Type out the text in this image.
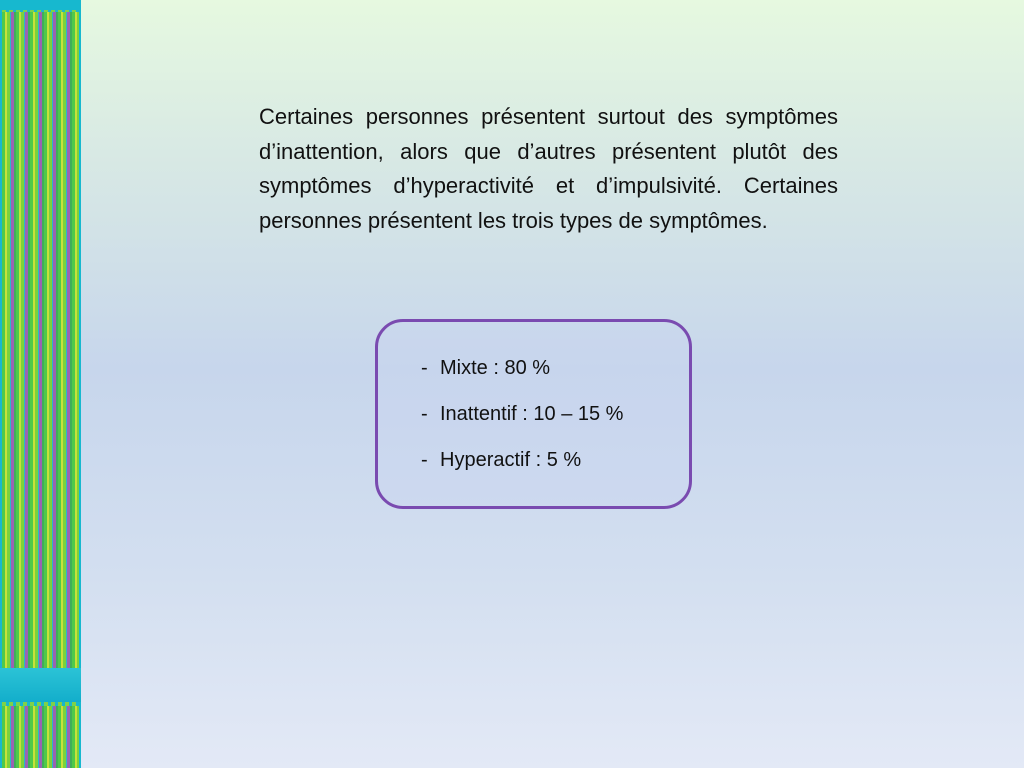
Certaines personnes présentent surtout des symptômes d’inattention, alors que d’autres présentent plutôt des symptômes d’hyperactivité et d’impulsivité. Certaines personnes présentent les trois types de symptômes.

- Mixte : 80 %
- Inattentif : 10 – 15 %
- Hyperactif : 5 %
